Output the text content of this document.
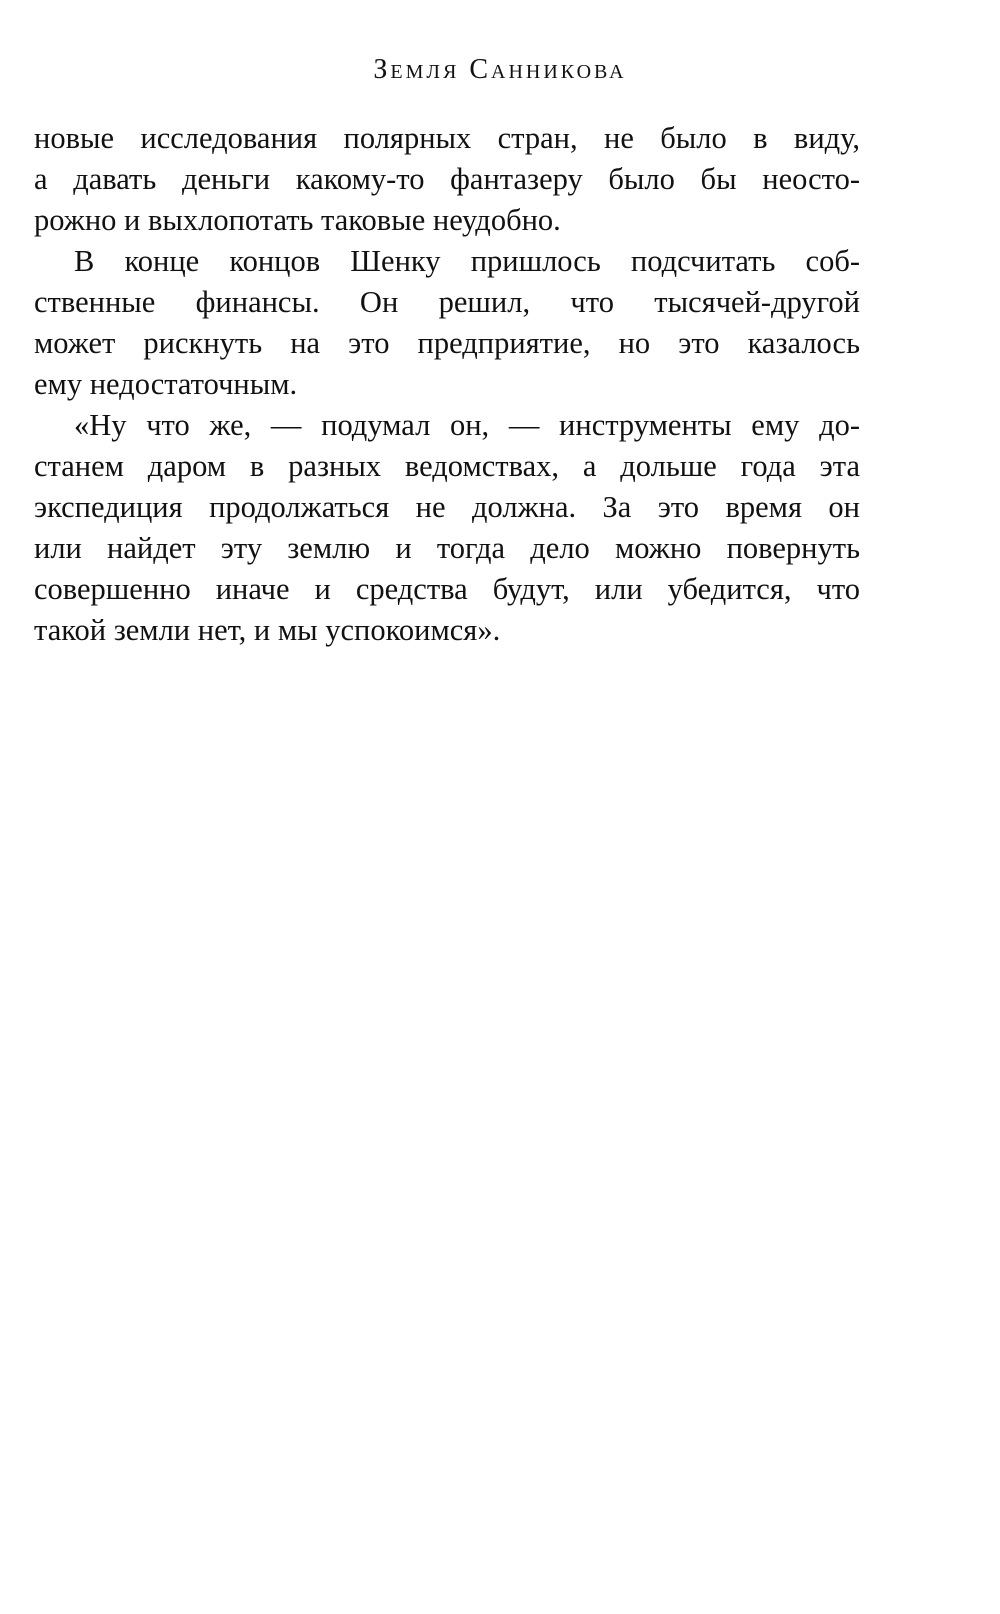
Земля Санникова
новые исследования полярных стран, не было в виду,
а давать деньги какому-то фантазеру было бы неосто-
рожно и выхлопотать таковые неудобно.
В конце концов Шенку пришлось подсчитать соб-
ственные финансы. Он решил, что тысячей-другой
может рискнуть на это предприятие, но это казалось
ему недостаточным.
«Ну что же, — подумал он, — инструменты ему до-
станем даром в разных ведомствах, а дольше года эта
экспедиция продолжаться не должна. За это время он
или найдет эту землю и тогда дело можно повернуть
совершенно иначе и средства будут, или убедится, что
такой земли нет, и мы успокоимся».
